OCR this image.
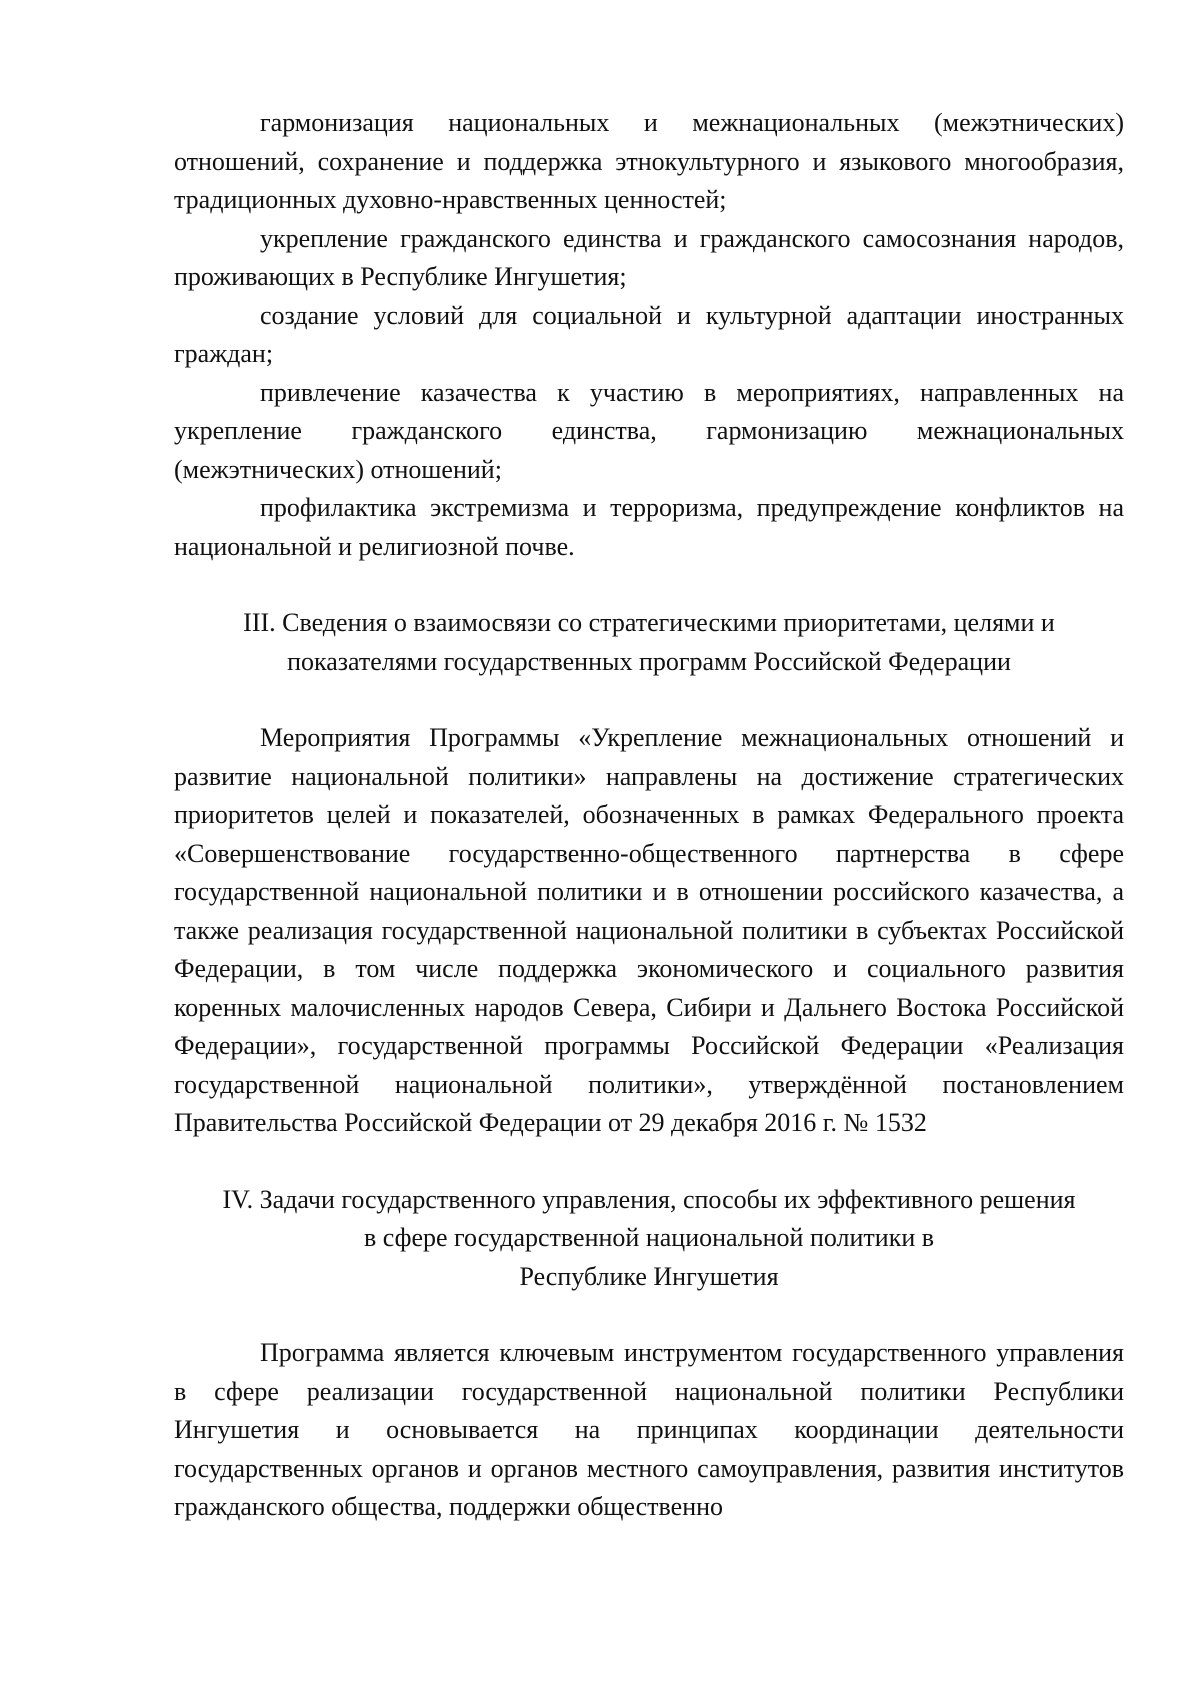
гармонизация национальных и межнациональных (межэтнических) отношений, сохранение и поддержка этнокультурного и языкового многообразия, традиционных духовно-нравственных ценностей;

укрепление гражданского единства и гражданского самосознания народов, проживающих в Республике Ингушетия;

создание условий для социальной и культурной адаптации иностранных граждан;

привлечение казачества к участию в мероприятиях, направленных на укрепление гражданского единства, гармонизацию межнациональных (межэтнических) отношений;

профилактика экстремизма и терроризма, предупреждение конфликтов на национальной и религиозной почве.

III. Сведения о взаимосвязи со стратегическими приоритетами, целями и
показателями государственных программ Российской Федерации

Мероприятия Программы «Укрепление межнациональных отношений и развитие национальной политики» направлены на достижение стратегических приоритетов целей и показателей, обозначенных в рамках Федерального проекта «Совершенствование государственно-общественного партнерства в сфере государственной национальной политики и в отношении российского казачества, а также реализация государственной национальной политики в субъектах Российской Федерации, в том числе поддержка экономического и социального развития коренных малочисленных народов Севера, Сибири и Дальнего Востока Российской Федерации», государственной программы Российской Федерации «Реализация государственной национальной политики», утверждённой постановлением Правительства Российской Федерации от 29 декабря 2016 г. № 1532

IV. Задачи государственного управления, способы их эффективного решения
в сфере государственной национальной политики в
Республике Ингушетия

Программа является ключевым инструментом государственного управления в сфере реализации государственной национальной политики Республики Ингушетия и основывается на принципах координации деятельности государственных органов и органов местного самоуправления, развития институтов гражданского общества, поддержки общественно
